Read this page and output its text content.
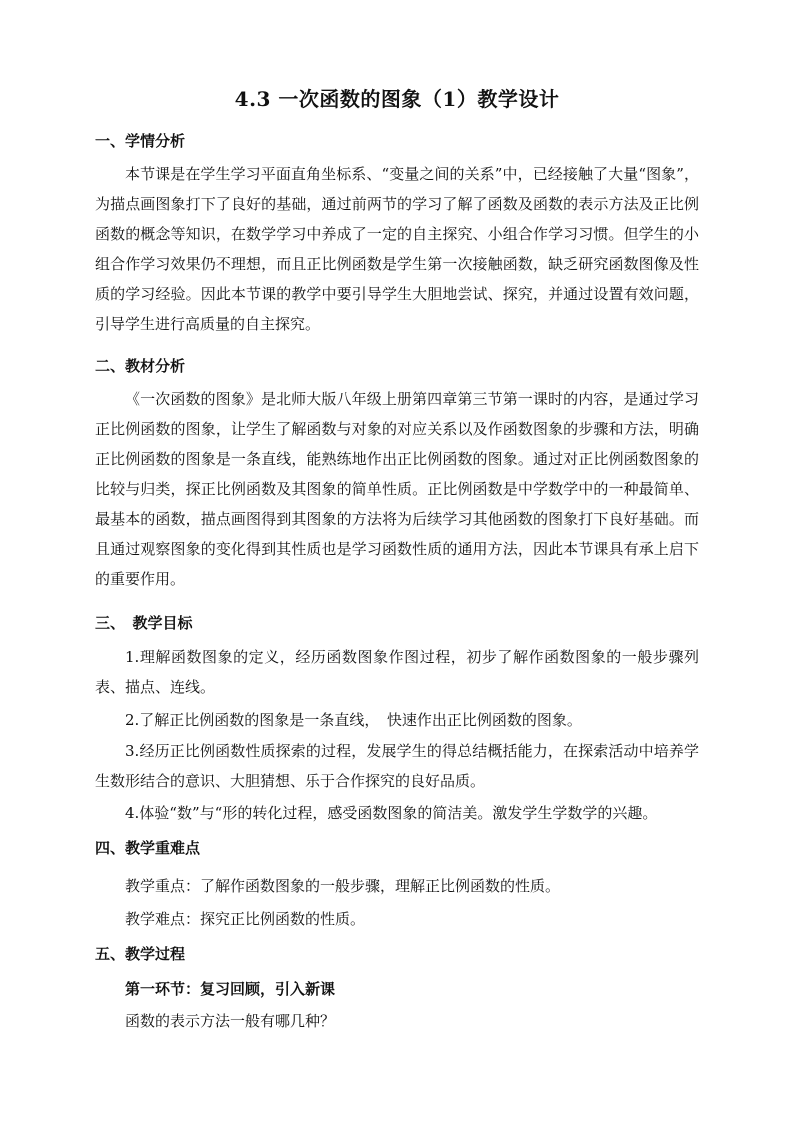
4.3 一次函数的图象（1）教学设计
一、学情分析
本节课是在学生学习平面直角坐标系、“变量之间的关系”中，已经接触了大量“图象”，为描点画图象打下了良好的基础，通过前两节的学习了解了函数及函数的表示方法及正比例函数的概念等知识，在数学学习中养成了一定的自主探究、小组合作学习习惯。但学生的小组合作学习效果仍不理想，而且正比例函数是学生第一次接触函数，缺乏研究函数图像及性质的学习经验。因此本节课的教学中要引导学生大胆地尝试、探究，并通过设置有效问题，引导学生进行高质量的自主探究。
二、教材分析
《一次函数的图象》是北师大版八年级上册第四章第三节第一课时的内容，是通过学习正比例函数的图象，让学生了解函数与对象的对应关系以及作函数图象的步骤和方法，明确正比例函数的图象是一条直线，能熟练地作出正比例函数的图象。通过对正比例函数图象的比较与归类，探正比例函数及其图象的简单性质。正比例函数是中学数学中的一种最简单、最基本的函数，描点画图得到其图象的方法将为后续学习其他函数的图象打下良好基础。而且通过观察图象的变化得到其性质也是学习函数性质的通用方法，因此本节课具有承上启下的重要作用。
三、　教学目标
1.理解函数图象的定义，经历函数图象作图过程，初步了解作函数图象的一般步骤列表、描点、连线。
2.了解正比例函数的图象是一条直线，　快速作出正比例函数的图象。
3.经历正比例函数性质探索的过程，发展学生的得总结概括能力，在探索活动中培养学生数形结合的意识、大胆猜想、乐于合作探究的良好品质。
4.体验“数”与“形的转化过程，感受函数图象的简洁美。激发学生学数学的兴趣。
四、教学重难点
教学重点：了解作函数图象的一般步骤，理解正比例函数的性质。
教学难点：探究正比例函数的性质。
五、教学过程
第一环节：复习回顾，引入新课
函数的表示方法一般有哪几种？
